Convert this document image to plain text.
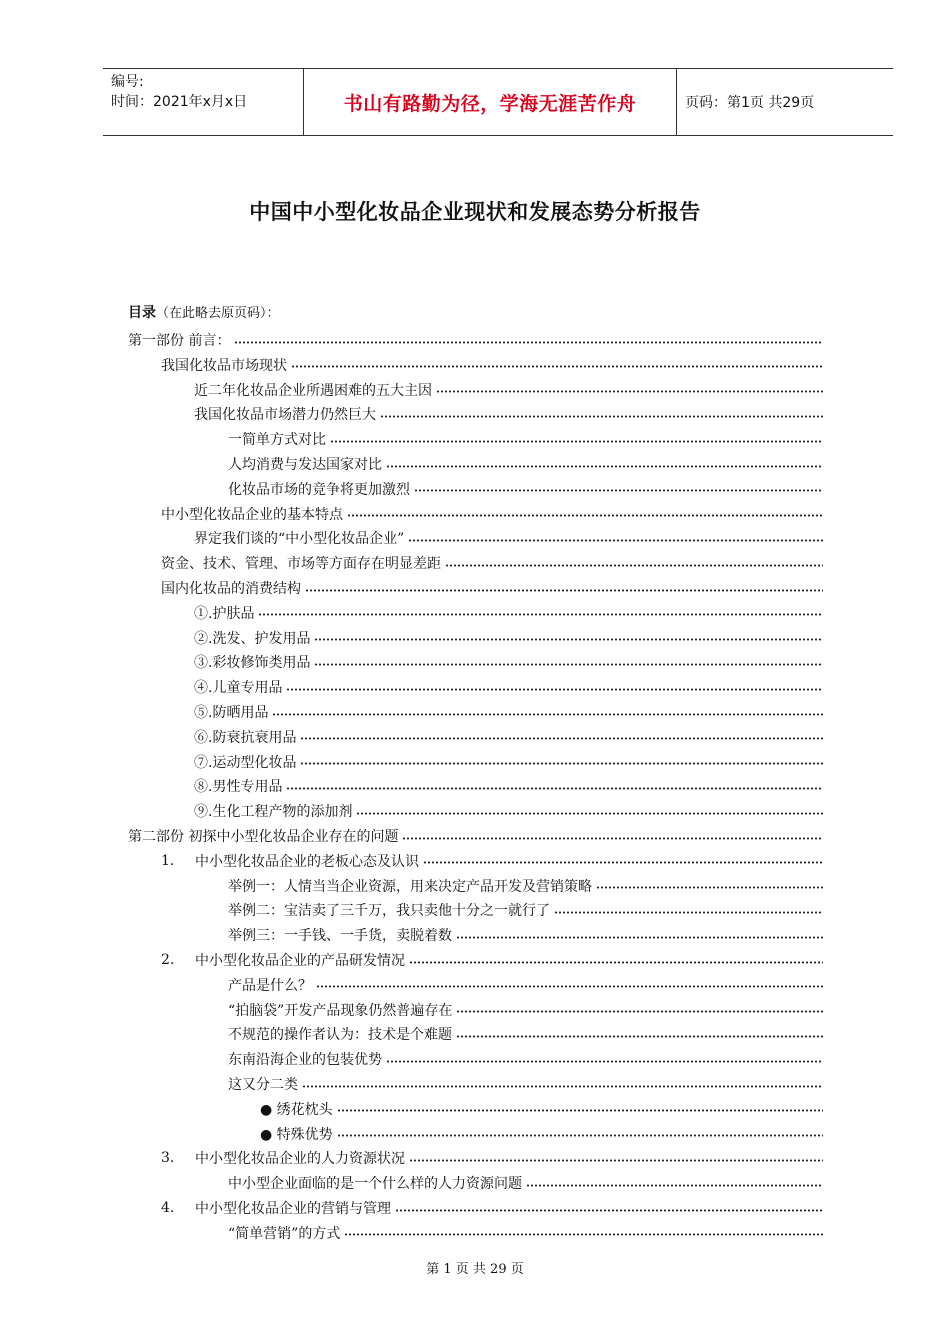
编号:
时间：2021年x月x日	书山有路勤为径，学海无涯苦作舟	页码：第1页 共29页
中国中小型化妆品企业现状和发展态势分析报告
目录（在此略去原页码）：
第一部份 前言：
我国化妆品市场现状
近二年化妆品企业所遇困难的五大主因
我国化妆品市场潜力仍然巨大
一简单方式对比
人均消费与发达国家对比
化妆品市场的竞争将更加激烈
中小型化妆品企业的基本特点
界定我们谈的“中小型化妆品企业”
资金、技术、管理、市场等方面存在明显差距
国内化妆品的消费结构
①.护肤品
②.洗发、护发用品
③.彩妆修饰类用品
④.儿童专用品
⑤.防晒用品
⑥.防衰抗衰用品
⑦.运动型化妆品
⑧.男性专用品
⑨.生化工程产物的添加剂
第二部份 初探中小型化妆品企业存在的问题
1.	中小型化妆品企业的老板心态及认识
举例一：人情当当企业资源，用来决定产品开发及营销策略
举例二：宝洁卖了三千万，我只卖他十分之一就行了
举例三：一手钱、一手货，卖脱着数
2.	中小型化妆品企业的产品研发情况
产品是什么？
“拍脑袋”开发产品现象仍然普遍存在
不规范的操作者认为：技术是个难题
东南沿海企业的包装优势
这又分二类
● 绣花枕头
● 特殊优势
3.	中小型化妆品企业的人力资源状况
中小型企业面临的是一个什么样的人力资源问题
4.	中小型化妆品企业的营销与管理
“简单营销”的方式
第 1 页 共 29 页
